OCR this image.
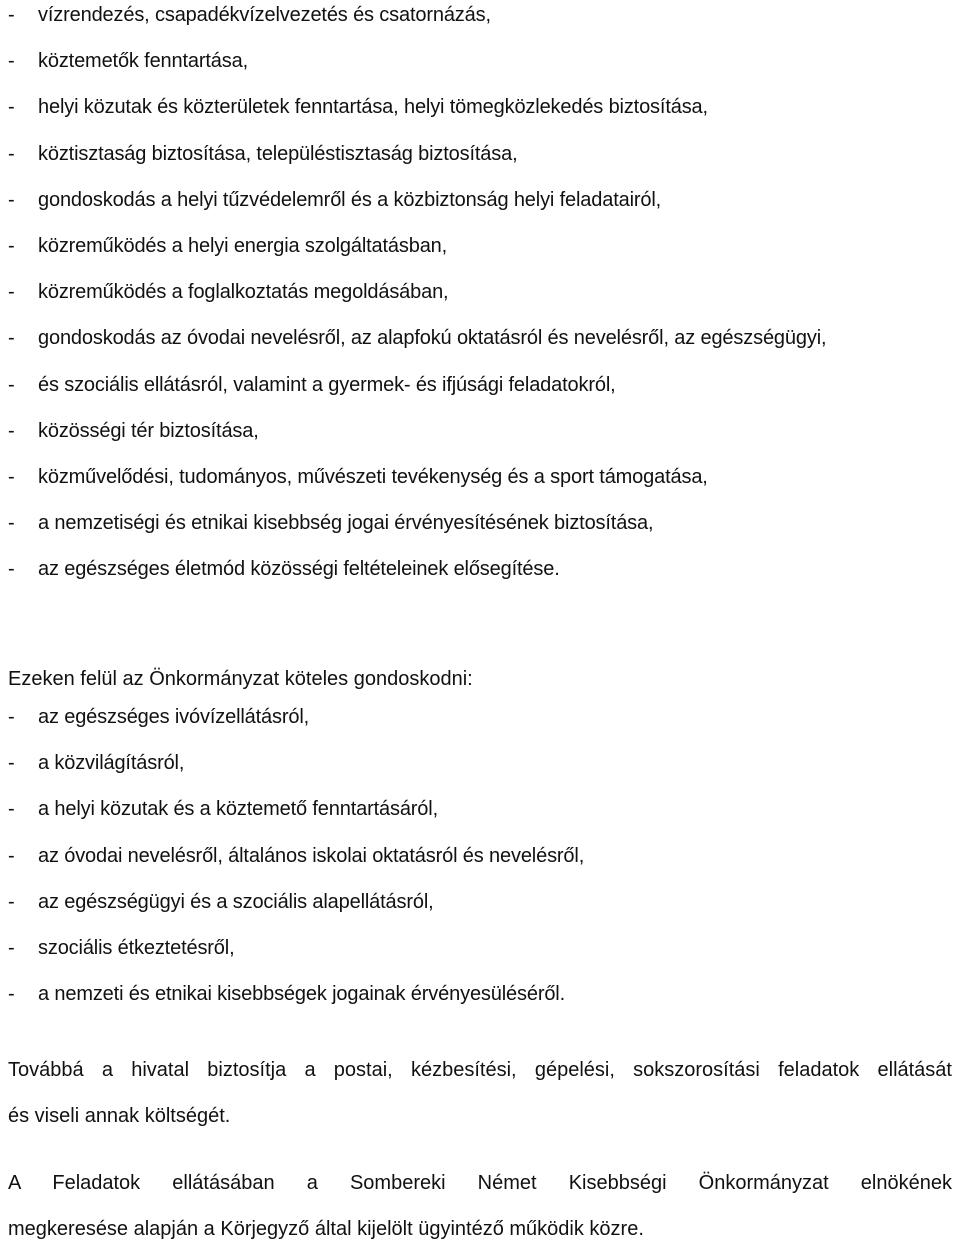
-	vízrendezés, csapadékvízelvezetés és csatornázás,
-	köztemetők fenntartása,
-	helyi közutak és közterületek fenntartása, helyi tömegközlekedés biztosítása,
-	köztisztaság biztosítása, településtisztaság biztosítása,
-	gondoskodás a helyi tűzvédelemről és a közbiztonság helyi feladatairól,
-	közreműködés a helyi energia szolgáltatásban,
-	közreműködés a foglalkoztatás megoldásában,
-	gondoskodás az óvodai nevelésről, az alapfokú oktatásról és nevelésről, az egészségügyi,
-	és szociális ellátásról, valamint a gyermek- és ifjúsági feladatokról,
-	közösségi tér biztosítása,
-	közművelődési, tudományos, művészeti tevékenység és a sport támogatása,
-	a nemzetiségi és etnikai kisebbség jogai érvényesítésének biztosítása,
-	az egészséges életmód közösségi feltételeinek elősegítése.

Ezeken felül az Önkormányzat köteles gondoskodni:

-	az egészséges ivóvízellátásról,
-	a közvilágításról,
-	a helyi közutak és a köztemető fenntartásáról,
-	az óvodai nevelésről, általános iskolai oktatásról és nevelésről,
-	az egészségügyi és a szociális alapellátásról,
-	szociális étkeztetésről,
-	a nemzeti és etnikai kisebbségek jogainak érvényesüléséről.

Továbbá a hivatal biztosítja a postai, kézbesítési, gépelési, sokszorosítási feladatok ellátását
és viseli annak költségét.

A Feladatok ellátásában a Sombereki Német Kisebbségi Önkormányzat elnökének
megkeresése alapján a Körjegyző által kijelölt ügyintéző működik közre.
